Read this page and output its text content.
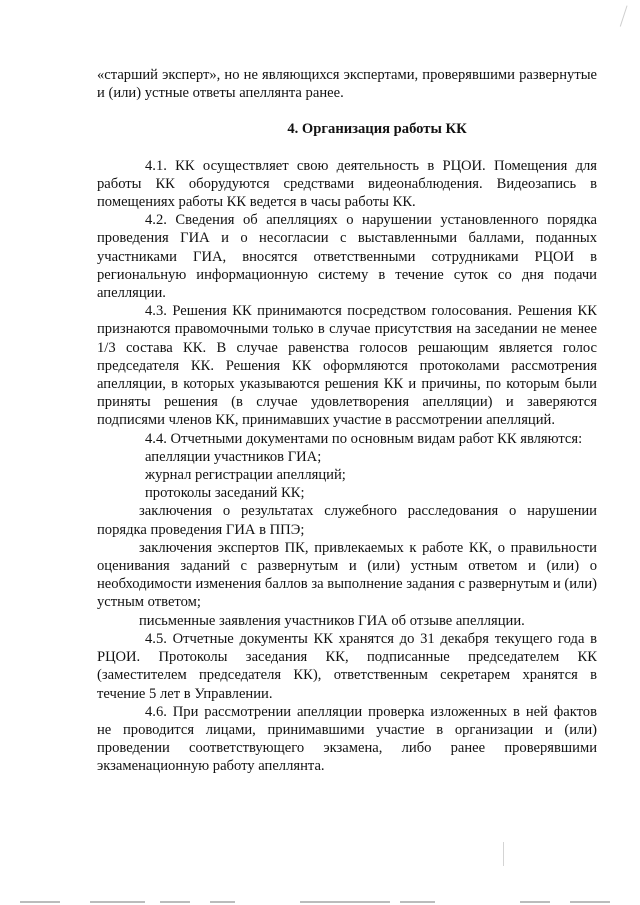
«старший эксперт», но не являющихся экспертами, проверявшими развернутые и (или) устные ответы апеллянта ранее.

4. Организация работы КК

4.1. КК осуществляет свою деятельность в РЦОИ. Помещения для работы КК оборудуются средствами видеонаблюдения. Видеозапись в помещениях работы КК ведется в часы работы КК.

4.2. Сведения об апелляциях о нарушении установленного порядка проведения ГИА и о несогласии с выставленными баллами, поданных участниками ГИА, вносятся ответственными сотрудниками РЦОИ в региональную информационную систему в течение суток со дня подачи апелляции.

4.3. Решения КК принимаются посредством голосования. Решения КК признаются правомочными только в случае присутствия на заседании не менее 1/3 состава КК. В случае равенства голосов решающим является голос председателя КК. Решения КК оформляются протоколами рассмотрения апелляции, в которых указываются решения КК и причины, по которым были приняты решения (в случае удовлетворения апелляции) и заверяются подписями членов КК, принимавших участие в рассмотрении апелляций.

4.4. Отчетными документами по основным видам работ КК являются:

апелляции участников ГИА;

журнал регистрации апелляций;

протоколы заседаний КК;

заключения о результатах служебного расследования о нарушении порядка проведения ГИА в ППЭ;

заключения экспертов ПК, привлекаемых к работе КК, о правильности оценивания заданий с развернутым и (или) устным ответом и (или) о необходимости изменения баллов за выполнение задания с развернутым и (или) устным ответом;

письменные заявления участников ГИА об отзыве апелляции.

4.5. Отчетные документы КК хранятся до 31 декабря текущего года в РЦОИ. Протоколы заседания КК, подписанные председателем КК (заместителем председателя КК), ответственным секретарем хранятся в течение 5 лет в Управлении.

4.6. При рассмотрении апелляции проверка изложенных в ней фактов не проводится лицами, принимавшими участие в организации и (или) проведении соответствующего экзамена, либо ранее проверявшими экзаменационную работу апеллянта.
